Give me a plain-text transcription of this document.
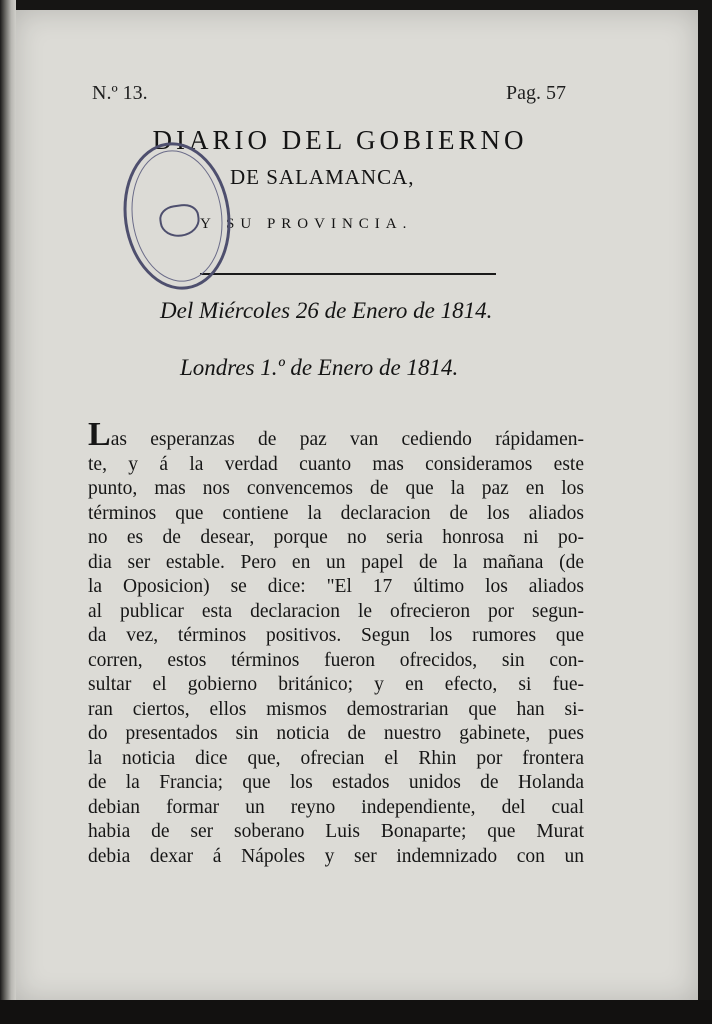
N.º 13.	Pag. 57
DIARIO DEL GOBIERNO
DE SALAMANCA,
Y SU PROVINCIA.
Del Miércoles 26 de Enero de 1814.
Londres 1.º de Enero de 1814.
Las esperanzas de paz van cediendo rápidamen-
te, y á la verdad cuanto mas consideramos este
punto, mas nos convencemos de que la paz en los
términos que contiene la declaracion de los aliados
no es de desear, porque no seria honrosa ni po-
dia ser estable. Pero en un papel de la mañana (de
la Oposicion) se dice: "El 17 último los aliados
al publicar esta declaracion le ofrecieron por segun-
da vez, términos positivos. Segun los rumores que
corren, estos términos fueron ofrecidos, sin con-
sultar el gobierno británico; y en efecto, si fue-
ran ciertos, ellos mismos demostrarian que han si-
do presentados sin noticia de nuestro gabinete, pues
la noticia dice que, ofrecian el Rhin por frontera
de la Francia; que los estados unidos de Holanda
debian formar un reyno independiente, del cual
habia de ser soberano Luis Bonaparte; que Murat
debia dexar á Nápoles y ser indemnizado con un
